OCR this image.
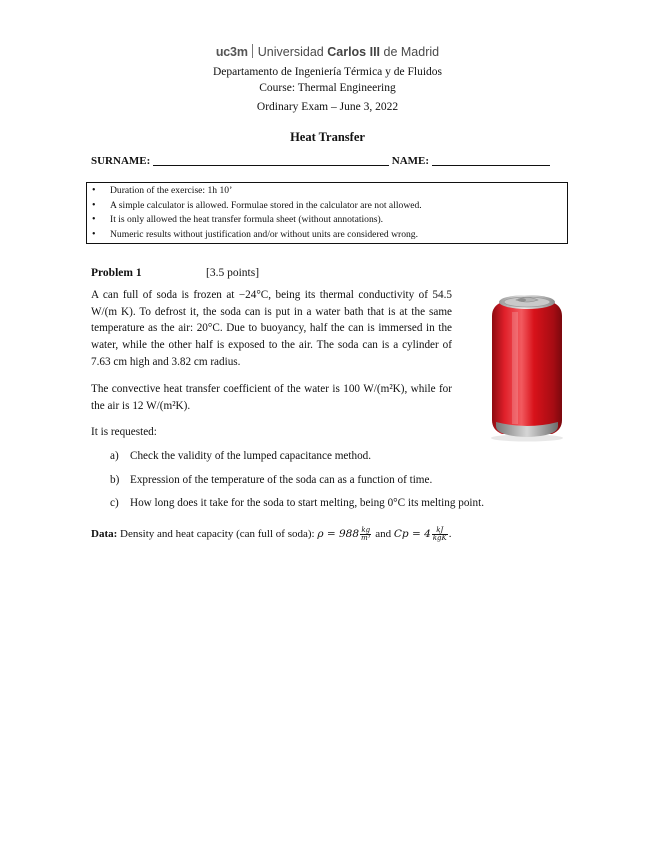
uc3m Universidad Carlos III de Madrid
Departamento de Ingeniería Térmica y de Fluidos
Course: Thermal Engineering
Ordinary Exam – June 3, 2022
Heat Transfer
SURNAME:	NAME:
• Duration of the exercise: 1h 10’
• A simple calculator is allowed. Formulae stored in the calculator are not allowed.
• It is only allowed the heat transfer formula sheet (without annotations).
• Numeric results without justification and/or without units are considered wrong.
Problem 1	[3.5 points]
A can full of soda is frozen at −24°C, being its thermal conductivity of 54.5 W/(m K). To defrost it, the soda can is put in a water bath that is at the same temperature as the air: 20°C. Due to buoyancy, half the can is immersed in the water, while the other half is exposed to the air. The soda can is a cylinder of 7.63 cm high and 3.82 cm radius.
The convective heat transfer coefficient of the water is 100 W/(m²K), while for the air is 12 W/(m²K).
It is requested:
a) Check the validity of the lumped capacitance method.
b) Expression of the temperature of the soda can as a function of time.
c) How long does it take for the soda to start melting, being 0°C its melting point.
Data: Density and heat capacity (can full of soda): $\rho = 988 \frac{kg}{\text{m³}}$ and $Cp = 4 \frac{kJ}{\text{kgK}}$ .
